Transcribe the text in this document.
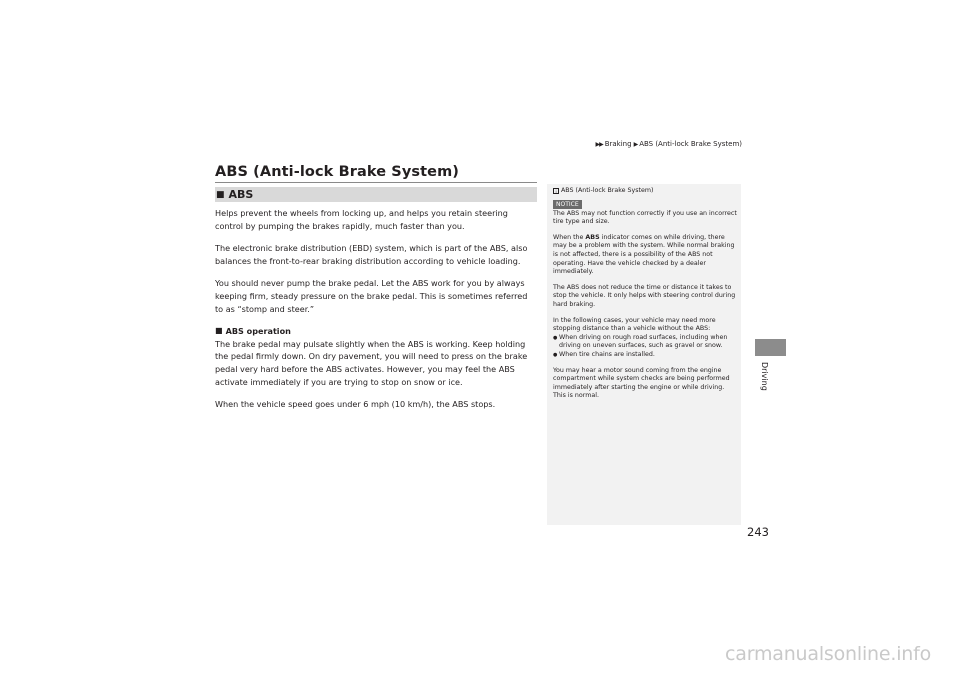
▶▶ Braking ▶ ABS (Anti-lock Brake System)
ABS (Anti-lock Brake System)
■ ABS

Helps prevent the wheels from locking up, and helps you retain steering control by pumping the brakes rapidly, much faster than you.

The electronic brake distribution (EBD) system, which is part of the ABS, also balances the front-to-rear braking distribution according to vehicle loading.

You should never pump the brake pedal. Let the ABS work for you by always keeping firm, steady pressure on the brake pedal. This is sometimes referred to as “stomp and steer.”

■ ABS operation

The brake pedal may pulsate slightly when the ABS is working. Keep holding the pedal firmly down. On dry pavement, you will need to press on the brake pedal very hard before the ABS activates. However, you may feel the ABS activate immediately if you are trying to stop on snow or ice.

When the vehicle speed goes under 6 mph (10 km/h), the ABS stops.

i ABS (Anti-lock Brake System)
NOTICE

The ABS may not function correctly if you use an incorrect tire type and size.

When the ABS indicator comes on while driving, there may be a problem with the system. While normal braking is not affected, there is a possibility of the ABS not operating. Have the vehicle checked by a dealer immediately.

The ABS does not reduce the time or distance it takes to stop the vehicle. It only helps with steering control during hard braking.

In the following cases, your vehicle may need more stopping distance than a vehicle without the ABS:

● When driving on rough road surfaces, including when driving on uneven surfaces, such as gravel or snow.
● When tire chains are installed.

You may hear a motor sound coming from the engine compartment while system checks are being performed immediately after starting the engine or while driving. This is normal.

Driving
243
carmanualsonline.info
